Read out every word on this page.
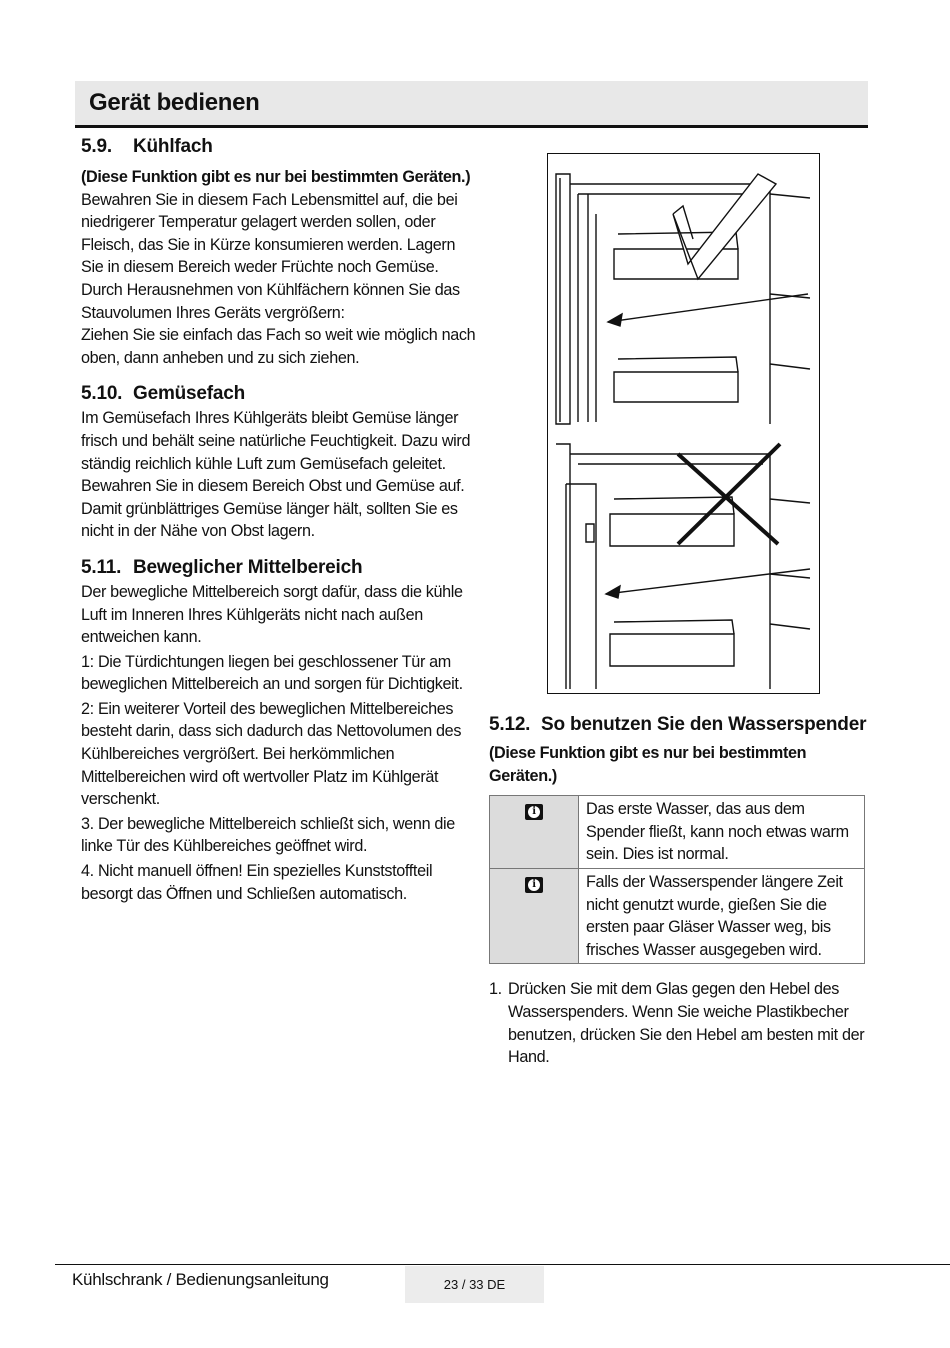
Gerät bedienen
5.9. Kühlfach

(Diese Funktion gibt es nur bei bestimmten Geräten.)

Bewahren Sie in diesem Fach Lebensmittel auf, die bei niedrigerer Temperatur gelagert werden sollen, oder Fleisch, das Sie in Kürze konsumieren werden. Lagern Sie in diesem Bereich weder Früchte noch Gemüse.

Durch Herausnehmen von Kühlfächern können Sie das Stauvolumen Ihres Geräts vergrößern:

Ziehen Sie sie einfach das Fach so weit wie möglich nach oben, dann anheben und zu sich ziehen.

5.10. Gemüsefach

Im Gemüsefach Ihres Kühlgeräts bleibt Gemüse länger frisch und behält seine natürliche Feuchtigkeit. Dazu wird ständig reichlich kühle Luft zum Gemüsefach geleitet. Bewahren Sie in diesem Bereich Obst und Gemüse auf. Damit grünblättriges Gemüse länger hält, sollten Sie es nicht in der Nähe von Obst lagern.

5.11. Beweglicher Mittelbereich

Der bewegliche Mittelbereich sorgt dafür, dass die kühle Luft im Inneren Ihres Kühlgeräts nicht nach außen entweichen kann.

1: Die Türdichtungen liegen bei geschlossener Tür am beweglichen Mittelbereich an und sorgen für Dichtigkeit.

2: Ein weiterer Vorteil des beweglichen Mittelbereiches besteht darin, dass sich dadurch das Nettovolumen des Kühlbereiches vergrößert. Bei herkömmlichen Mittelbereichen wird oft wertvoller Platz im Kühlgerät verschenkt.

3. Der bewegliche Mittelbereich schließt sich, wenn die linke Tür des Kühlbereiches geöffnet wird.

4. Nicht manuell öffnen! Ein spezielles Kunststoffteil besorgt das Öffnen und Schließen automatisch.

5.12. So benutzen Sie den Wasserspender

(Diese Funktion gibt es nur bei bestimmten Geräten.)

i	Das erste Wasser, das aus dem Spender fließt, kann noch etwas warm sein. Dies ist normal.

i	Falls der Wasserspender längere Zeit nicht genutzt wurde, gießen Sie die ersten paar Gläser Wasser weg, bis frisches Wasser ausgegeben wird.
1. Drücken Sie mit dem Glas gegen den Hebel des Wasserspenders. Wenn Sie weiche Plastikbecher benutzen, drücken Sie den Hebel am besten mit der Hand.
Kühlschrank / Bedienungsanleitung	23 / 33 DE
